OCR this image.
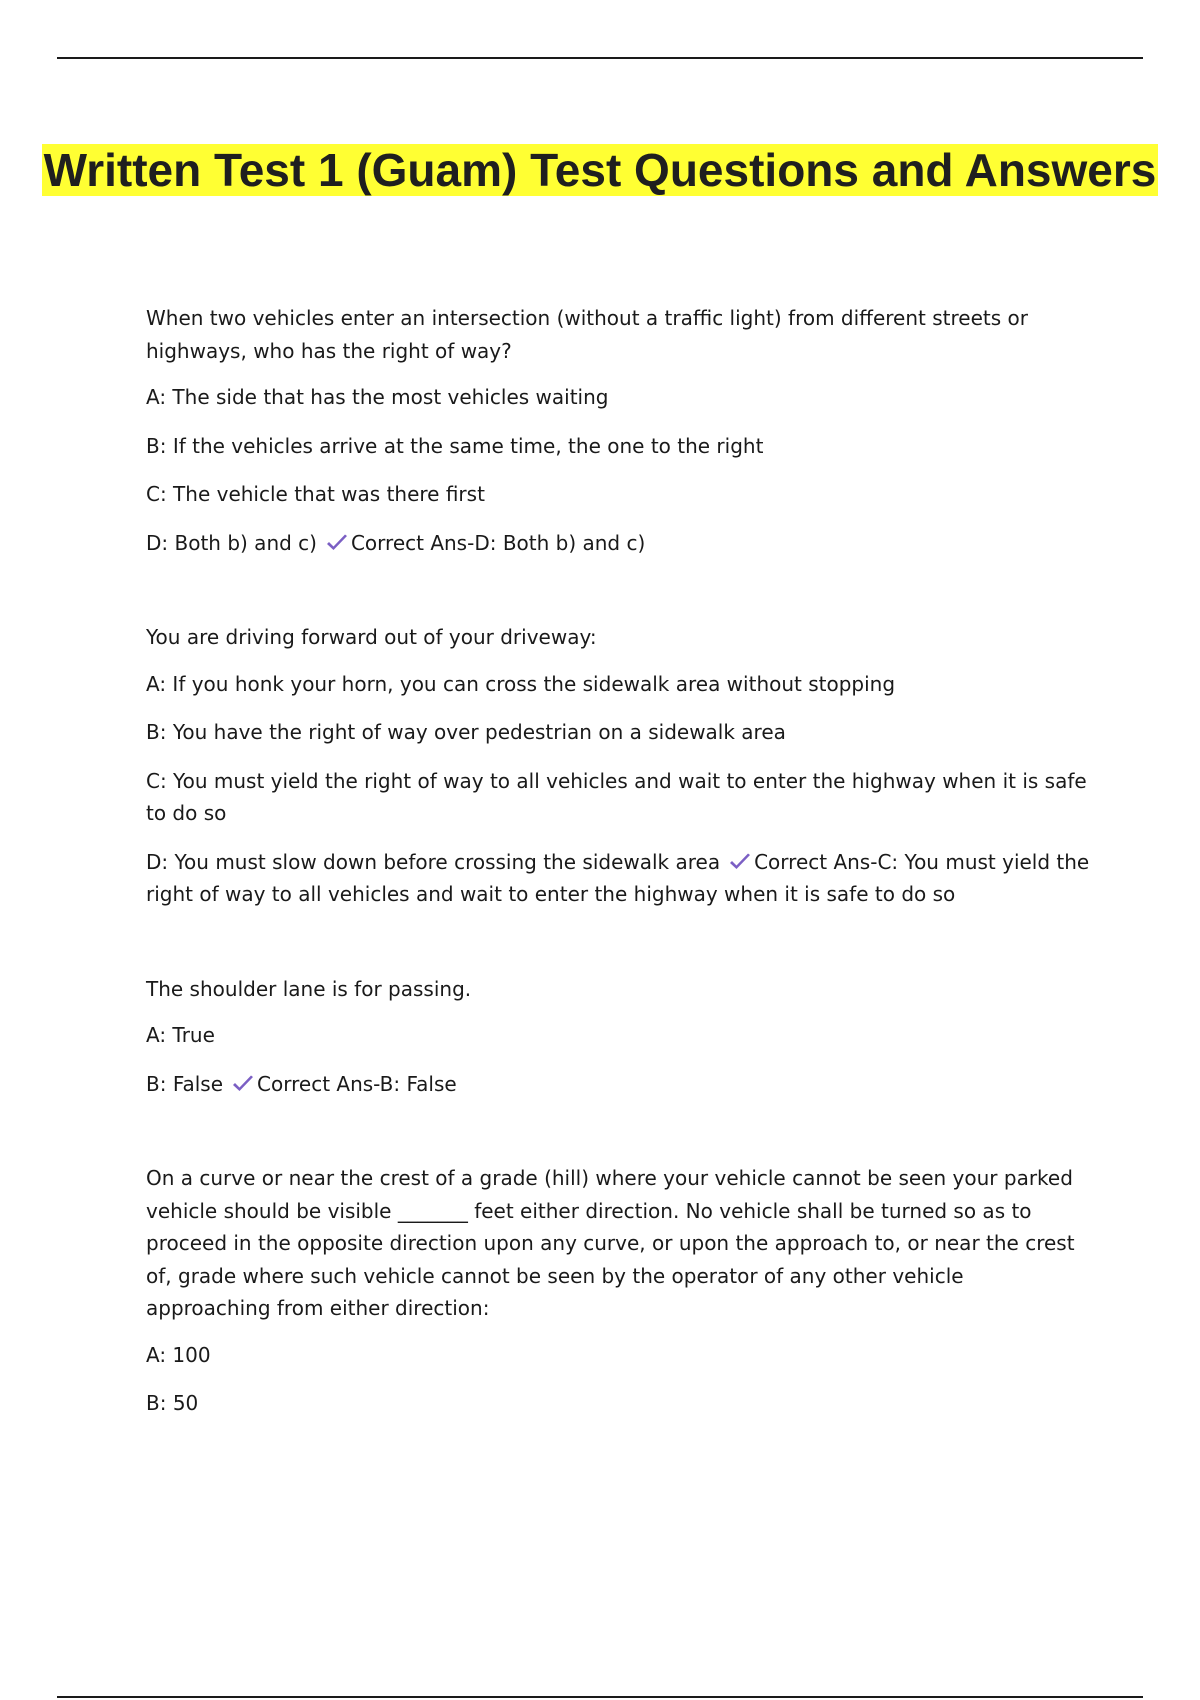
Written Test 1 (Guam) Test Questions and Answers
When two vehicles enter an intersection (without a traffic light) from different streets or highways, who has the right of way?
A: The side that has the most vehicles waiting
B: If the vehicles arrive at the same time, the one to the right
C: The vehicle that was there first
D: Both b) and c) Correct Ans-D: Both b) and c)
You are driving forward out of your driveway:
A: If you honk your horn, you can cross the sidewalk area without stopping
B: You have the right of way over pedestrian on a sidewalk area
C: You must yield the right of way to all vehicles and wait to enter the highway when it is safe to do so
D: You must slow down before crossing the sidewalk area Correct Ans-C: You must yield the right of way to all vehicles and wait to enter the highway when it is safe to do so
The shoulder lane is for passing.
A: True
B: False Correct Ans-B: False
On a curve or near the crest of a grade (hill) where your vehicle cannot be seen your parked vehicle should be visible _______ feet either direction. No vehicle shall be turned so as to proceed in the opposite direction upon any curve, or upon the approach to, or near the crest of, grade where such vehicle cannot be seen by the operator of any other vehicle approaching from either direction:
A: 100
B: 50
